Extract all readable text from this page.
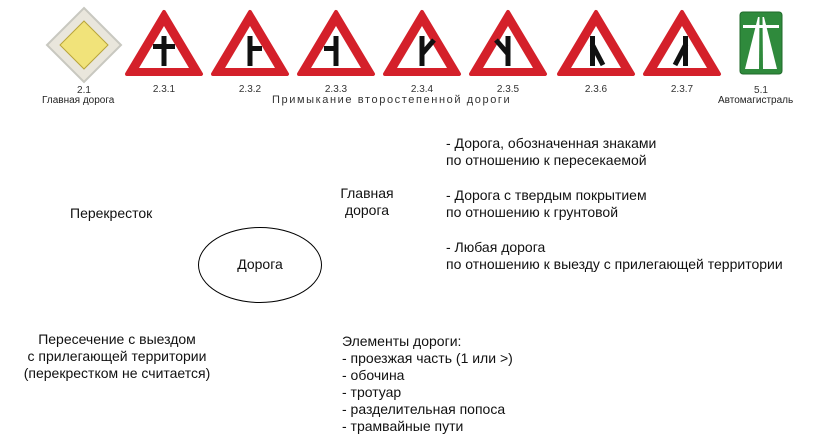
2.1
Главная дорога
2.3.1	2.3.2	2.3.3	2.3.4	2.3.5	2.3.6	2.3.7	5.1
Автомагистраль
Примыкание второстепенной дороги
Перекресток
Дорога
Главная
дорога
- Дорога, обозначенная знаками
по отношению к пересекаемой
- Дорога с твердым покрытием
по отношению к грунтовой
- Любая дорога
по отношению к выезду с прилегающей территории
Пересечение с выездом
с прилегающей территории
(перекрестком не считается)
Элементы дороги:
- проезжая часть (1 или >)
- обочина
- тротуар
- разделительная попоса
- трамвайные пути
